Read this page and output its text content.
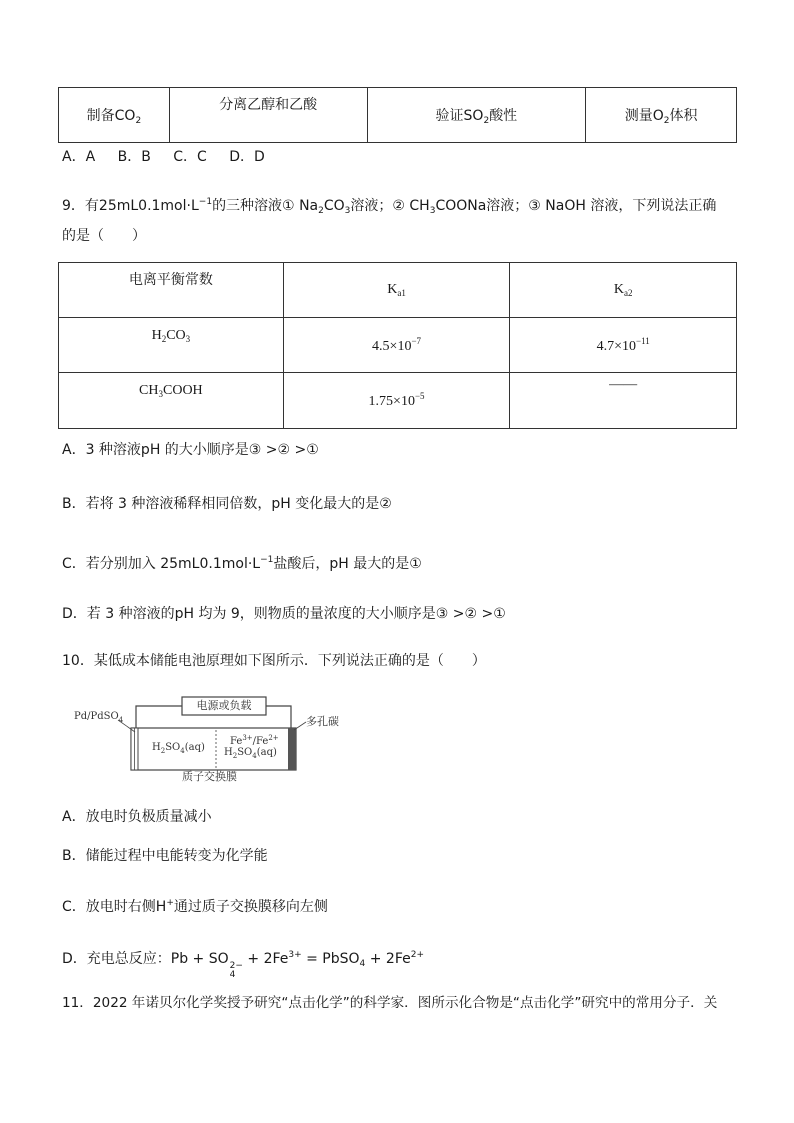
制备$CO_2$	分离乙醇和乙酸	验证$SO_2$酸性	测量$O_2$体积
A．A　 B．B　 C．C　 D．D
9．有$25mL0.1mol\cdot L^{-1}$的三种溶液① $Na_2CO_3$溶液；② $CH_3COONa$溶液；③ NaOH 溶液，下列说法正确
的是（　　）
电离平衡常数	$K_{a1}$	$K_{a2}$
$H_2CO_3$	$4.5\times 10^{-7}$	$4.7\times 10^{-11}$
$CH_3COOH$	$1.75\times 10^{-5}$	——
A．3 种溶液pH 的大小顺序是③ >② >①
B．若将 3 种溶液稀释相同倍数，pH 变化最大的是②
C．若分别加入 $25mL0.1mol\cdot L^{-1}$盐酸后，pH 最大的是①
D．若 3 种溶液的pH 均为 9，则物质的量浓度的大小顺序是③ >② >①
10．某低成本储能电池原理如下图所示．下列说法正确的是（　　）
电源或负载
Pd/PdSO$_4$	多孔碳
$H_2SO_4(aq)$
$Fe^{3+}/Fe^{2+}$
$H_2SO_4(aq)$
质子交换膜
A．放电时负极质量减小
B．储能过程中电能转变为化学能
C．放电时右侧H+通过质子交换膜移向左侧
D．充电总反应：Pb + SO 2−
4
+ $2Fe^{3+}$ = PbSO$_4$ + $2Fe^{2+}$
11．2022 年诺贝尔化学奖授予研究“点击化学”的科学家．图所示化合物是“点击化学”研究中的常用分子．关
